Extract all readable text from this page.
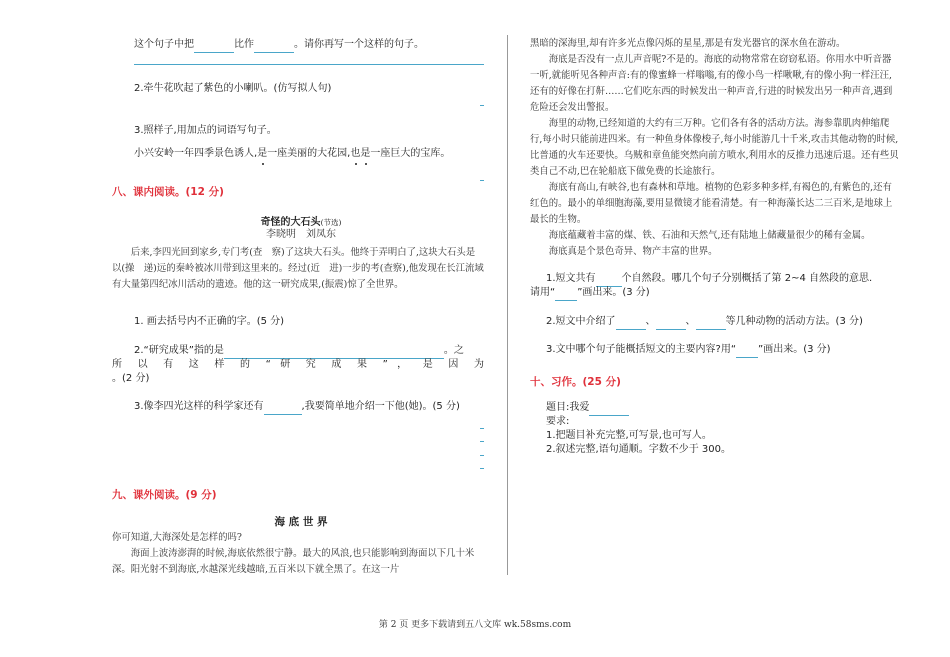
这个句子中把	比作	。请你再写一个这样的句子。
2.牵牛花吹起了紫色的小喇叭。(仿写拟人句)
3.照样子,用加点的词语写句子。
小兴安岭一年四季景色诱人,是一座美丽的大花园,也是一座巨大的宝库。
八、课内阅读。(12 分)
奇怪的大石头(节选)
李晓明　刘凤东
后来,李四光回到家乡,专门考(查　察)了这块大石头。他终于弄明白了,这块大石头是以(操　递)远的秦岭被冰川带到这里来的。经过(近　进)一步的考(查察),他发现在长江流域有大量第四纪冰川活动的遗迹。他的这一研究成果,(振震)惊了全世界。
1. 画去括号内不正确的字。(5 分)
2.“研究成果”指的是	。之
所 以 有 这 样 的 “ 研 究 成 果 ” ， 是 因 为
。(2 分)
3.像李四光这样的科学家还有	,我要简单地介绍一下他(她)。(5 分)
九、课外阅读。(9 分)
海 底 世 界
你可知道,大海深处是怎样的吗?
海面上波涛澎湃的时候,海底依然很宁静。最大的风浪,也只能影响到海面以下几十米深。阳光射不到海底,水越深光线越暗,五百米以下就全黑了。在这一片
黑暗的深海里,却有许多光点像闪烁的星星,那是有发光器官的深水鱼在游动。
海底是否没有一点儿声音呢?不是的。海底的动物常常在窃窃私语。你用水中听音器一听,就能听见各种声音:有的像蜜蜂一样嗡嗡,有的像小鸟一样啾啾,有的像小狗一样汪汪,还有的好像在打鼾……它们吃东西的时候发出一种声音,行进的时候发出另一种声音,遇到危险还会发出警报。
海里的动物,已经知道的大约有三万种。它们各有各的活动方法。海参靠肌肉伸缩爬行,每小时只能前进四米。有一种鱼身体像梭子,每小时能游几十千米,攻击其他动物的时候,比普通的火车还要快。乌贼和章鱼能突然向前方喷水,利用水的反推力迅速后退。还有些贝类自己不动,巴在轮船底下做免费的长途旅行。
海底有高山,有峡谷,也有森林和草地。植物的色彩多种多样,有褐色的,有紫色的,还有红色的。最小的单细胞海藻,要用显微镜才能看清楚。有一种海藻长达二三百米,是地球上最长的生物。
海底蕴藏着丰富的煤、铁、石油和天然气,还有陆地上储藏量很少的稀有金属。
海底真是个景色奇异、物产丰富的世界。
1.短文共有	个自然段。哪几个句子分别概括了第 2~4 自然段的意思.
请用“ ”画出来。(3 分)
2.短文中介绍了	、	、	等几种动物的活动方法。(3 分)
3.文中哪个句子能概括短文的主要内容?用“ ”画出来。(3 分)
十、习作。(25 分)
题目:我爱
要求:
1.把题目补充完整,可写景,也可写人。
2.叙述完整,语句通顺。字数不少于 300。
第 2 页 更多下载请到五八文库 wk.58sms.com
